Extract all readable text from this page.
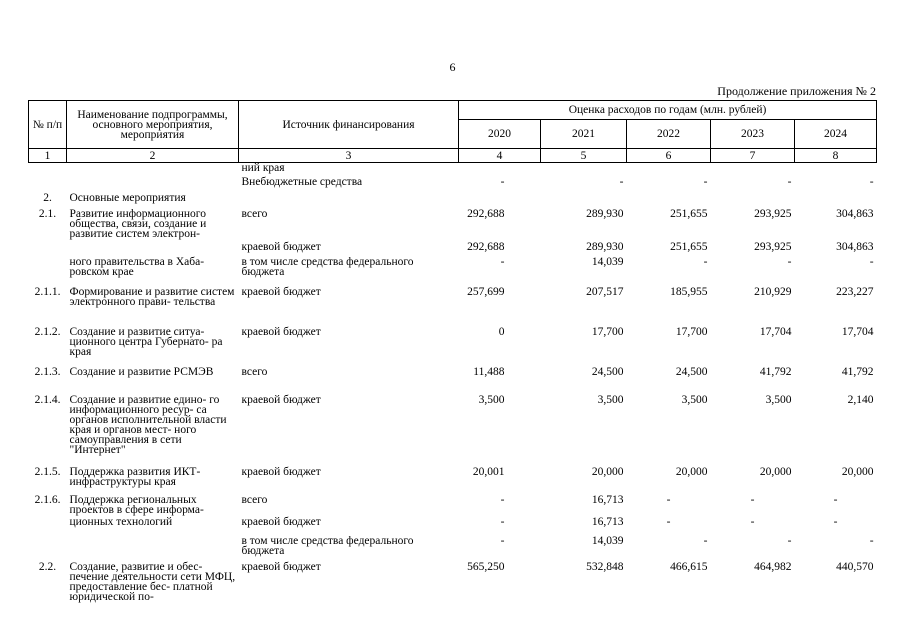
6
Продолжение приложения № 2
№ п/п	Наименование подпрограммы, основного мероприятия, мероприятия	Источник финансирования	Оценка расходов по годам (млн. рублей)				
			2020	2021	2022	2023	2024
1	2	3	4	5	6	7	8
		ний края					
		Внебюджетные средства	-	-	-	-	-
2.	Основные мероприятия						
2.1.	Развитие информационного общества, связи, создание и развитие систем электрон-	всего	292,688	289,930	251,655	293,925	304,863
		краевой бюджет	292,688	289,930	251,655	293,925	304,863
	ного правительства в Хаба- ровском крае	в том числе средства федерального бюджета	-	14,039	-	-	-
2.1.1.	Формирование и развитие систем электронного прави- тельства	краевой бюджет	257,699	207,517	185,955	210,929	223,227
2.1.2.	Создание и развитие ситуа- ционного центра Губернато- ра края	краевой бюджет	0	17,700	17,700	17,704	17,704
2.1.3.	Создание и развитие РСМЭВ	всего	11,488	24,500	24,500	41,792	41,792
2.1.4.	Создание и развитие едино- го информационного ресур- са органов исполнительной власти края и органов мест- ного самоуправления в сети "Интернет"	краевой бюджет	3,500	3,500	3,500	3,500	2,140
2.1.5.	Поддержка развития ИКТ- инфраструктуры края	краевой бюджет	20,001	20,000	20,000	20,000	20,000
2.1.6.	Поддержка региональных проектов в сфере информа-	всего	-	16,713	-	-	-
	ционных технологий	краевой бюджет	-	16,713	-	-	-
		в том числе средства федерального бюджета	-	14,039	-	-	-
2.2.	Создание, развитие и обес- печение деятельности сети МФЦ, предоставление бес- платной юридической по-	краевой бюджет	565,250	532,848	466,615	464,982	440,570
